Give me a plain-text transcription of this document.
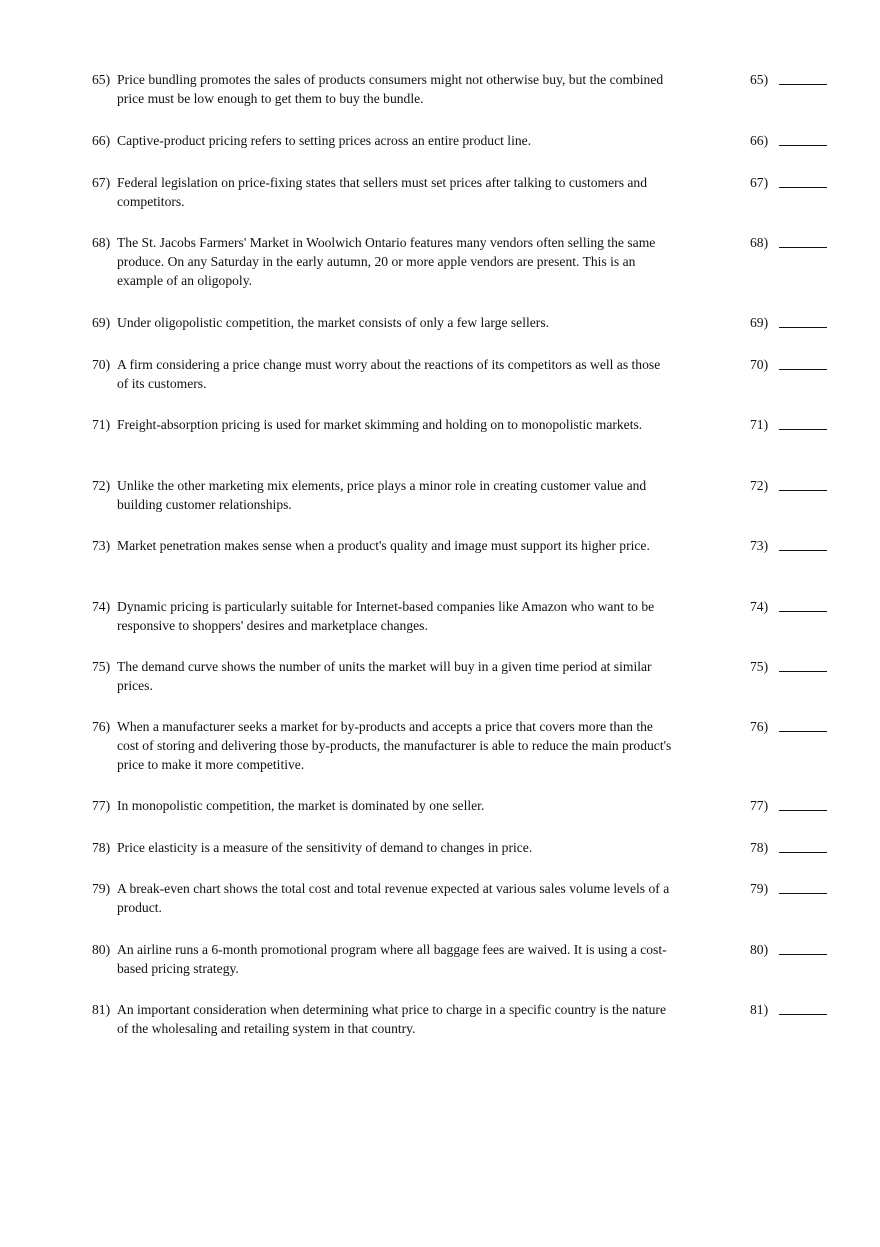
65) Price bundling promotes the sales of products consumers might not otherwise buy, but the combined price must be low enough to get them to buy the bundle.
65)
66) Captive-product pricing refers to setting prices across an entire product line.	66)
67) Federal legislation on price-fixing states that sellers must set prices after talking to customers and competitors.
67)
68) The St. Jacobs Farmers' Market in Woolwich Ontario features many vendors often selling the same produce. On any Saturday in the early autumn, 20 or more apple vendors are present. This is an example of an oligopoly.
68)
69) Under oligopolistic competition, the market consists of only a few large sellers.	69)
70) A firm considering a price change must worry about the reactions of its competitors as well as those of its customers.
70)
71) Freight-absorption pricing is used for market skimming and holding on to monopolistic markets.	71)
72) Unlike the other marketing mix elements, price plays a minor role in creating customer value and building customer relationships.
72)
73) Market penetration makes sense when a product's quality and image must support its higher price.	73)
74) Dynamic pricing is particularly suitable for Internet-based companies like Amazon who want to be responsive to shoppers' desires and marketplace changes.
74)
75) The demand curve shows the number of units the market will buy in a given time period at similar prices.
75)
76) When a manufacturer seeks a market for by-products and accepts a price that covers more than the cost of storing and delivering those by-products, the manufacturer is able to reduce the main product's price to make it more competitive.
76)
77) In monopolistic competition, the market is dominated by one seller.	77)
78) Price elasticity is a measure of the sensitivity of demand to changes in price.	78)
79) A break-even chart shows the total cost and total revenue expected at various sales volume levels of a product.
79)
80) An airline runs a 6-month promotional program where all baggage fees are waived. It is using a cost-based pricing strategy.
80)
81) An important consideration when determining what price to charge in a specific country is the nature of the wholesaling and retailing system in that country.
81)
